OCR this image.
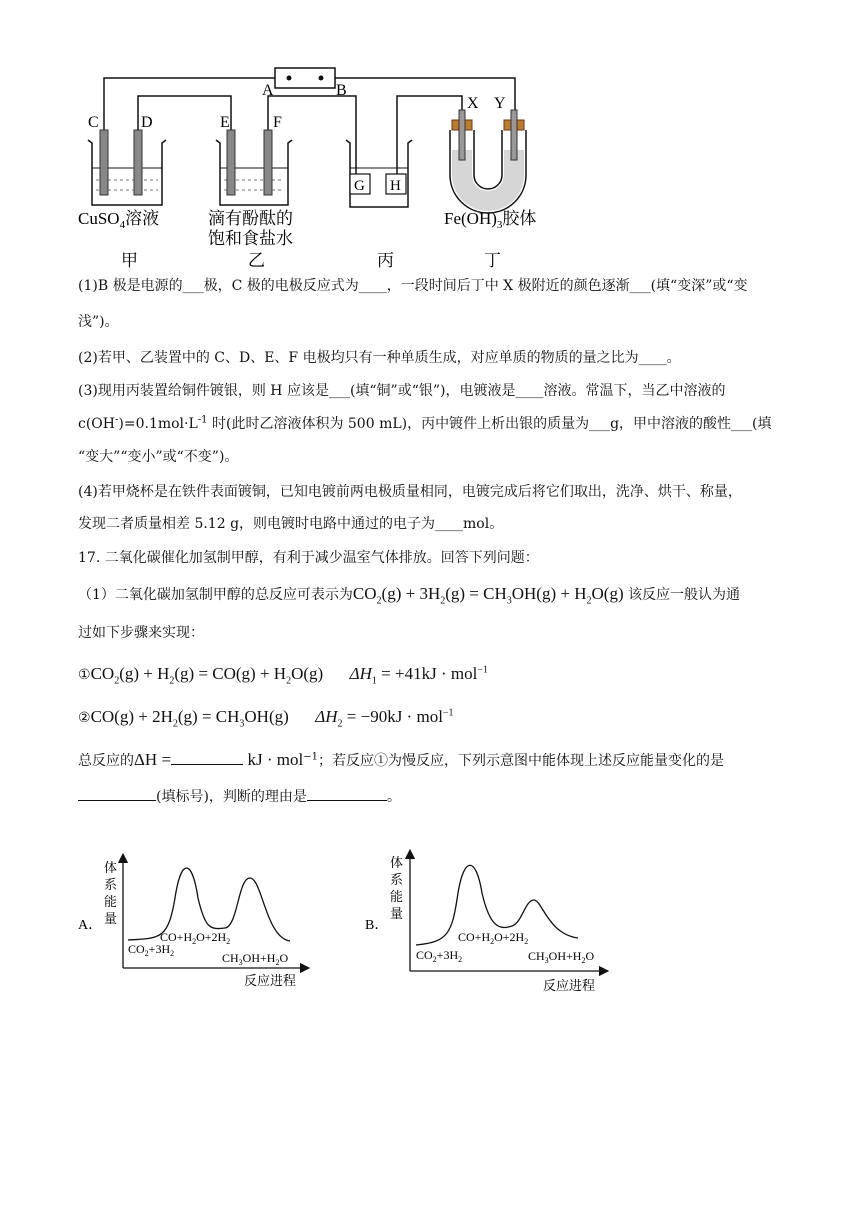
A	B
C	D	E	F
G H
X Y
CuSO$_4$溶液	滴有酚酞的
饱和食盐水
$Fe(OH)_3$胶体
甲	乙	丙	丁
(1)B 极是电源的___极，C 极的电极反应式为____，一段时间后丁中 X 极附近的颜色逐渐___(填“变深”或“变
浅”)。
(2)若甲、乙装置中的 C、D、E、F 电极均只有一种单质生成，对应单质的物质的量之比为____。
(3)现用丙装置给铜件镀银，则 H 应该是___(填“铜”或“银”)，电镀液是____溶液。常温下，当乙中溶液的
$c(OH^-)=0.1mol\cdot L^{-1}$ 时(此时乙溶液体积为 500 mL)，丙中镀件上析出银的质量为___g，甲中溶液的酸性___(填
“变大”“变小”或“不变”)。
(4)若甲烧杯是在铁件表面镀铜，已知电镀前两电极质量相同，电镀完成后将它们取出，洗净、烘干、称量，
发现二者质量相差 5.12 g，则电镀时电路中通过的电子为____mol。
17. 二氧化碳催化加氢制甲醇，有利于减少温室气体排放。回答下列问题：
（1）二氧化碳加氢制甲醇的总反应可表示为$CO_2(g) + 3H_2(g) = CH_3OH(g) + H_2O(g)$ 该反应一般认为通
过如下步骤来实现：
$①CO_2(g) + H_2(g) = CO(g) + H_2O(g) \Delta H_1 = +41kJ \cdot mol^{-1}$
②CO(g) + $2H_2(g) = CH_3OH(g) \Delta H_2 = -90kJ \cdot mol^{-1}$
总反应的ΔH =	kJ · mol$^{-1}$；若反应①为慢反应，下列示意图中能体现上述反应能量变化的是
(填标号)，判断的理由是	。
A．
体
系
能
量
$CO_2+3H_2$
$CO+H_2O+2H_2$
$CH_3OH+H_2O$
反应进程
B．
体
系
能
量
$CO_2+3H_2$
$CO+H_2O+2H_2$
$CH_3OH+H_2O$
反应进程
